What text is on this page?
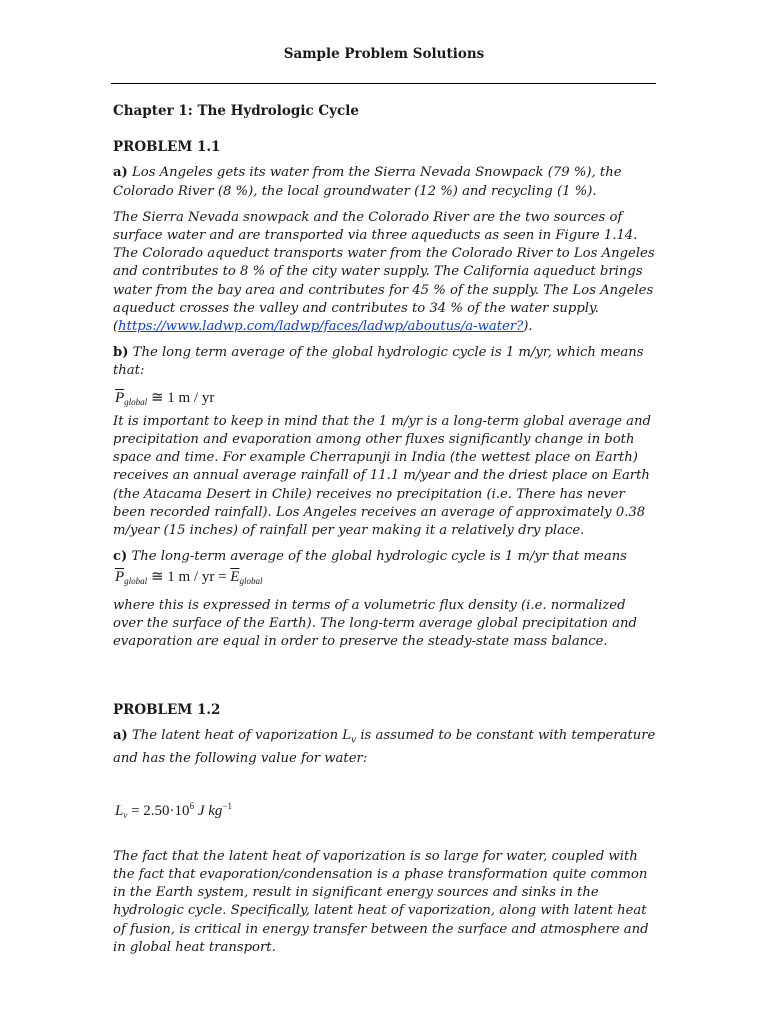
Sample Problem Solutions
Chapter 1: The Hydrologic Cycle
PROBLEM 1.1

a) Los Angeles gets its water from the Sierra Nevada Snowpack (79 %), the Colorado River (8 %), the local groundwater (12 %) and recycling (1 %).

The Sierra Nevada snowpack and the Colorado River are the two sources of surface water and are transported via three aqueducts as seen in Figure 1.14. The Colorado aqueduct transports water from the Colorado River to Los Angeles and contributes to 8 % of the city water supply. The California aqueduct brings water from the bay area and contributes for 45 % of the supply. The Los Angeles aqueduct crosses the valley and contributes to 34 % of the water supply.
(https://www.ladwp.com/ladwp/faces/ladwp/aboutus/a-water?).

b) The long term average of the global hydrologic cycle is 1 m/yr, which means that:

$\overline{P}_{global}$ ≅ 1 m / yr

It is important to keep in mind that the 1 m/yr is a long-term global average and precipitation and evaporation among other fluxes significantly change in both space and time. For example Cherrapunji in India (the wettest place on Earth) receives an annual average rainfall of 11.1 m/year and the driest place on Earth (the Atacama Desert in Chile) receives no precipitation (i.e. There has never been recorded rainfall). Los Angeles receives an average of approximately 0.38 m/year (15 inches) of rainfall per year making it a relatively dry place.

c) The long-term average of the global hydrologic cycle is 1 m/yr that means

$\overline{P}_{global}$ ≅ 1 m / yr = $\overline{E}_{global}$

where this is expressed in terms of a volumetric flux density (i.e. normalized over the surface of the Earth). The long-term average global precipitation and evaporation are equal in order to preserve the steady-state mass balance.

PROBLEM 1.2

a) The latent heat of vaporization $L_v$ is assumed to be constant with temperature and has the following value for water:

$L_v = 2.50\cdot 10^6$ J $kg^{-1}$

The fact that the latent heat of vaporization is so large for water, coupled with the fact that evaporation/condensation is a phase transformation quite common in the Earth system, result in significant energy sources and sinks in the hydrologic cycle. Specifically, latent heat of vaporization, along with latent heat of fusion, is critical in energy transfer between the surface and atmosphere and in global heat transport.
